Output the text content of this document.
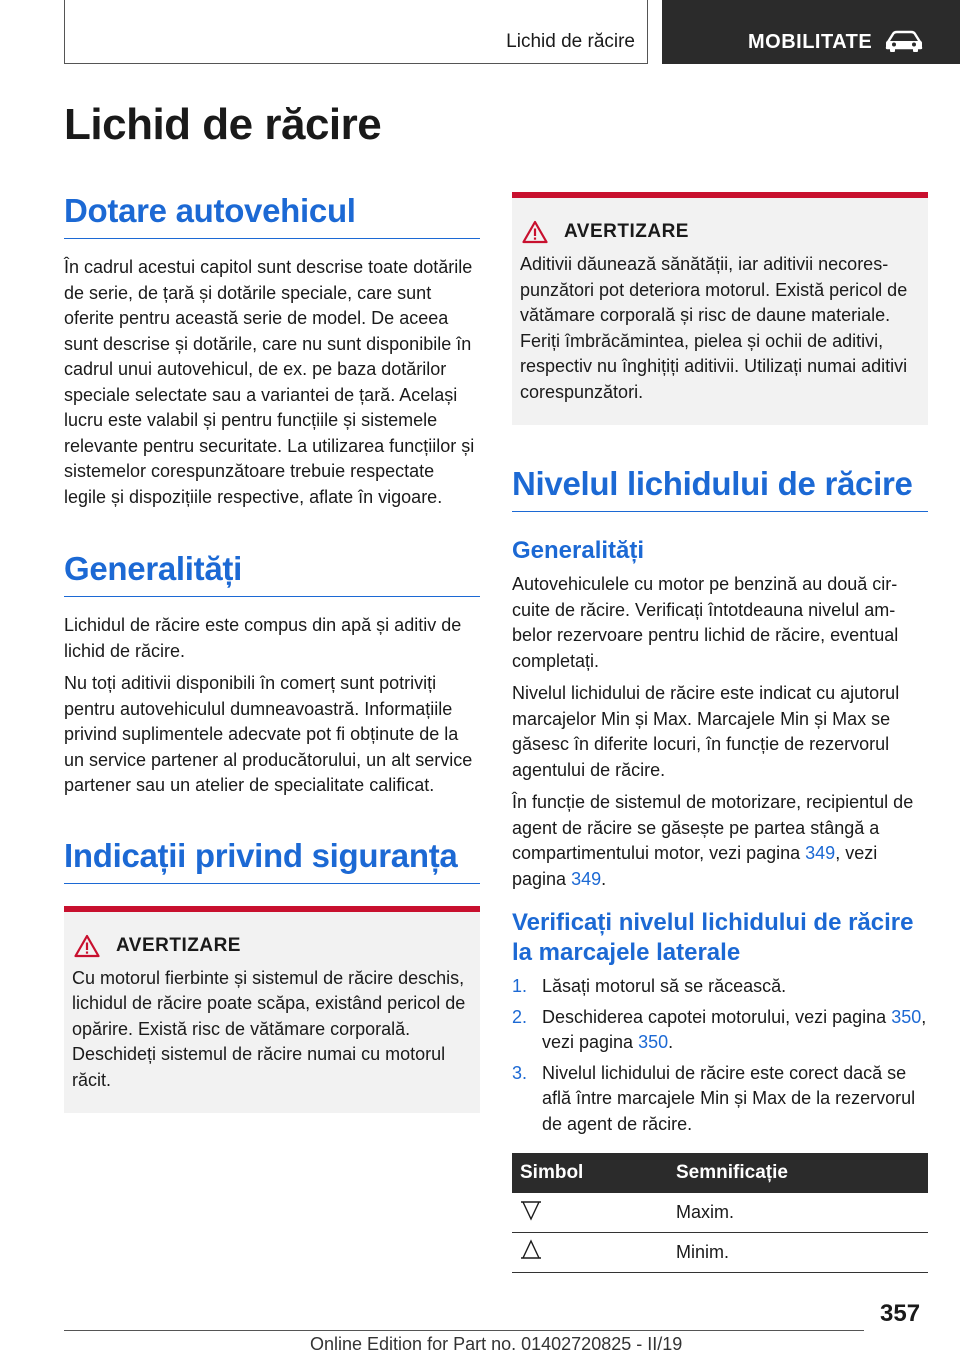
Lichid de răcire	MOBILITATE
Lichid de răcire
Dotare autovehicul

În cadrul acestui capitol sunt descrise toate dotările de serie, de țară și dotările speciale, care sunt oferite pentru această serie de model. De aceea sunt descrise și dotările, care nu sunt disponibile în cadrul unui autovehicul, de ex. pe baza dotărilor speciale selectate sau a variantei de țară. Același lucru este valabil și pentru funcțiile și sistemele relevante pentru securitate. La utilizarea funcțiilor și sistemelor corespunzătoare trebuie respectate legile și dispozițiile respective, aflate în vigoare.

Generalități

Lichidul de răcire este compus din apă și aditiv de lichid de răcire.

Nu toți aditivii disponibili în comerț sunt potriviți pentru autovehiculul dumneavoastră. Informațiile privind suplimentele adecvate pot fi obținute de la un service partener al producătorului, un alt service partener sau un atelier de specialitate calificat.

Indicații privind siguranța
AVERTIZARE

Cu motorul fierbinte și sistemul de răcire deschis, lichidul de răcire poate scăpa, existând pericol de opărire. Există risc de vătămare corporală. Deschideți sistemul de răcire numai cu motorul răcit.

AVERTIZARE

Aditivii dăunează sănătății, iar aditivii necorespunzători pot deteriora motorul. Există pericol de vătămare corporală și risc de daune materiale. Feriți îmbrăcămintea, pielea și ochii de aditivi, respectiv nu înghițiți aditivii. Utilizați numai aditivi corespunzători.

Nivelul lichidului de răcire
Generalități

Autovehiculele cu motor pe benzină au două circuite de răcire. Verificați întotdeauna nivelul ambelor rezervoare pentru lichid de răcire, eventual completați.

Nivelul lichidului de răcire este indicat cu ajutorul marcajelor Min și Max. Marcajele Min și Max se găsesc în diferite locuri, în funcție de rezervorul agentului de răcire.

În funcție de sistemul de motorizare, recipientul de agent de răcire se găsește pe partea stângă a compartimentului motor, vezi pagina 349, vezi pagina 349.

Verificați nivelul lichidului de răcire la marcajele laterale
1. Lăsați motorul să se răcească.
2. Deschiderea capotei motorului, vezi pagina 350, vezi pagina 350.
3. Nivelul lichidului de răcire este corect dacă se află între marcajele Min și Max de la rezervorul de agent de răcire.
Simbol	Semnificație
	Maxim.
	Minim.
357
Online Edition for Part no. 01402720825 - II/19
